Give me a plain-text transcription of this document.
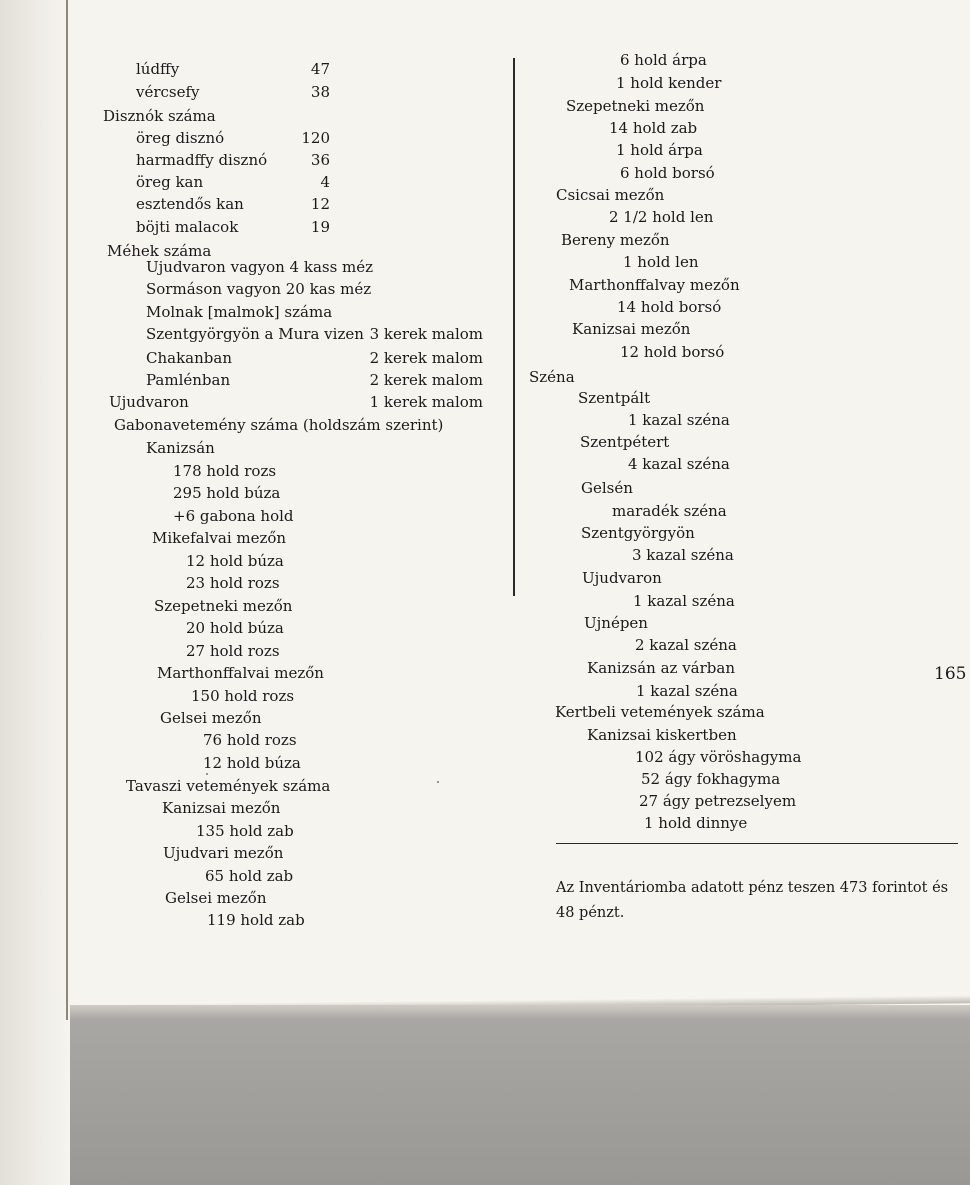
lúdffy	47
vércsefy	38
Disznók száma
öreg disznó	120
harmadffy disznó	36
öreg kan	4
esztendős kan	12
böjti malacok	19
Méhek száma
Ujudvaron vagyon 4 kass méz
Sormáson vagyon 20 kas méz
Molnak [malmok] száma
Szentgyörgyön a Mura vizen 3 kerek malom
Chakanban	2 kerek malom
Pamlénban	2 kerek malom
Ujudvaron	1 kerek malom
Gabonavetemény száma (holdszám szerint)
Kanizsán
178 hold rozs
295 hold búza
+6 gabona hold
Mikefalvai mezőn
12 hold búza
23 hold rozs
Szepetneki mezőn
20 hold búza
27 hold rozs
Marthonffalvai mezőn
150 hold rozs
Gelsei mezőn
76 hold rozs
12 hold búza
Tavaszi vetemények száma
Kanizsai mezőn
135 hold zab
Ujudvari mezőn
65 hold zab
Gelsei mezőn
119 hold zab
6 hold árpa
1 hold kender
Szepetneki mezőn
14 hold zab
1 hold árpa
6 hold borsó
Csicsai mezőn
2 1/2 hold len
Bereny mezőn
1 hold len
Marthonffalvay mezőn
14 hold borsó
Kanizsai mezőn
12 hold borsó
Széna
Szentpált
1 kazal széna
Szentpétert
4 kazal széna
Gelsén
maradék széna
Szentgyörgyön
3 kazal széna
Ujudvaron
1 kazal széna
Ujnépen
2 kazal széna
Kanizsán az várban
1 kazal széna
Kertbeli vetemények száma
Kanizsai kiskertben
102 ágy vöröshagyma
52 ágy fokhagyma
27 ágy petrezselyem
1 hold dinnye
Az Inventáriomba adatott pénz teszen 473 forintot és 48 pénzt.
165
